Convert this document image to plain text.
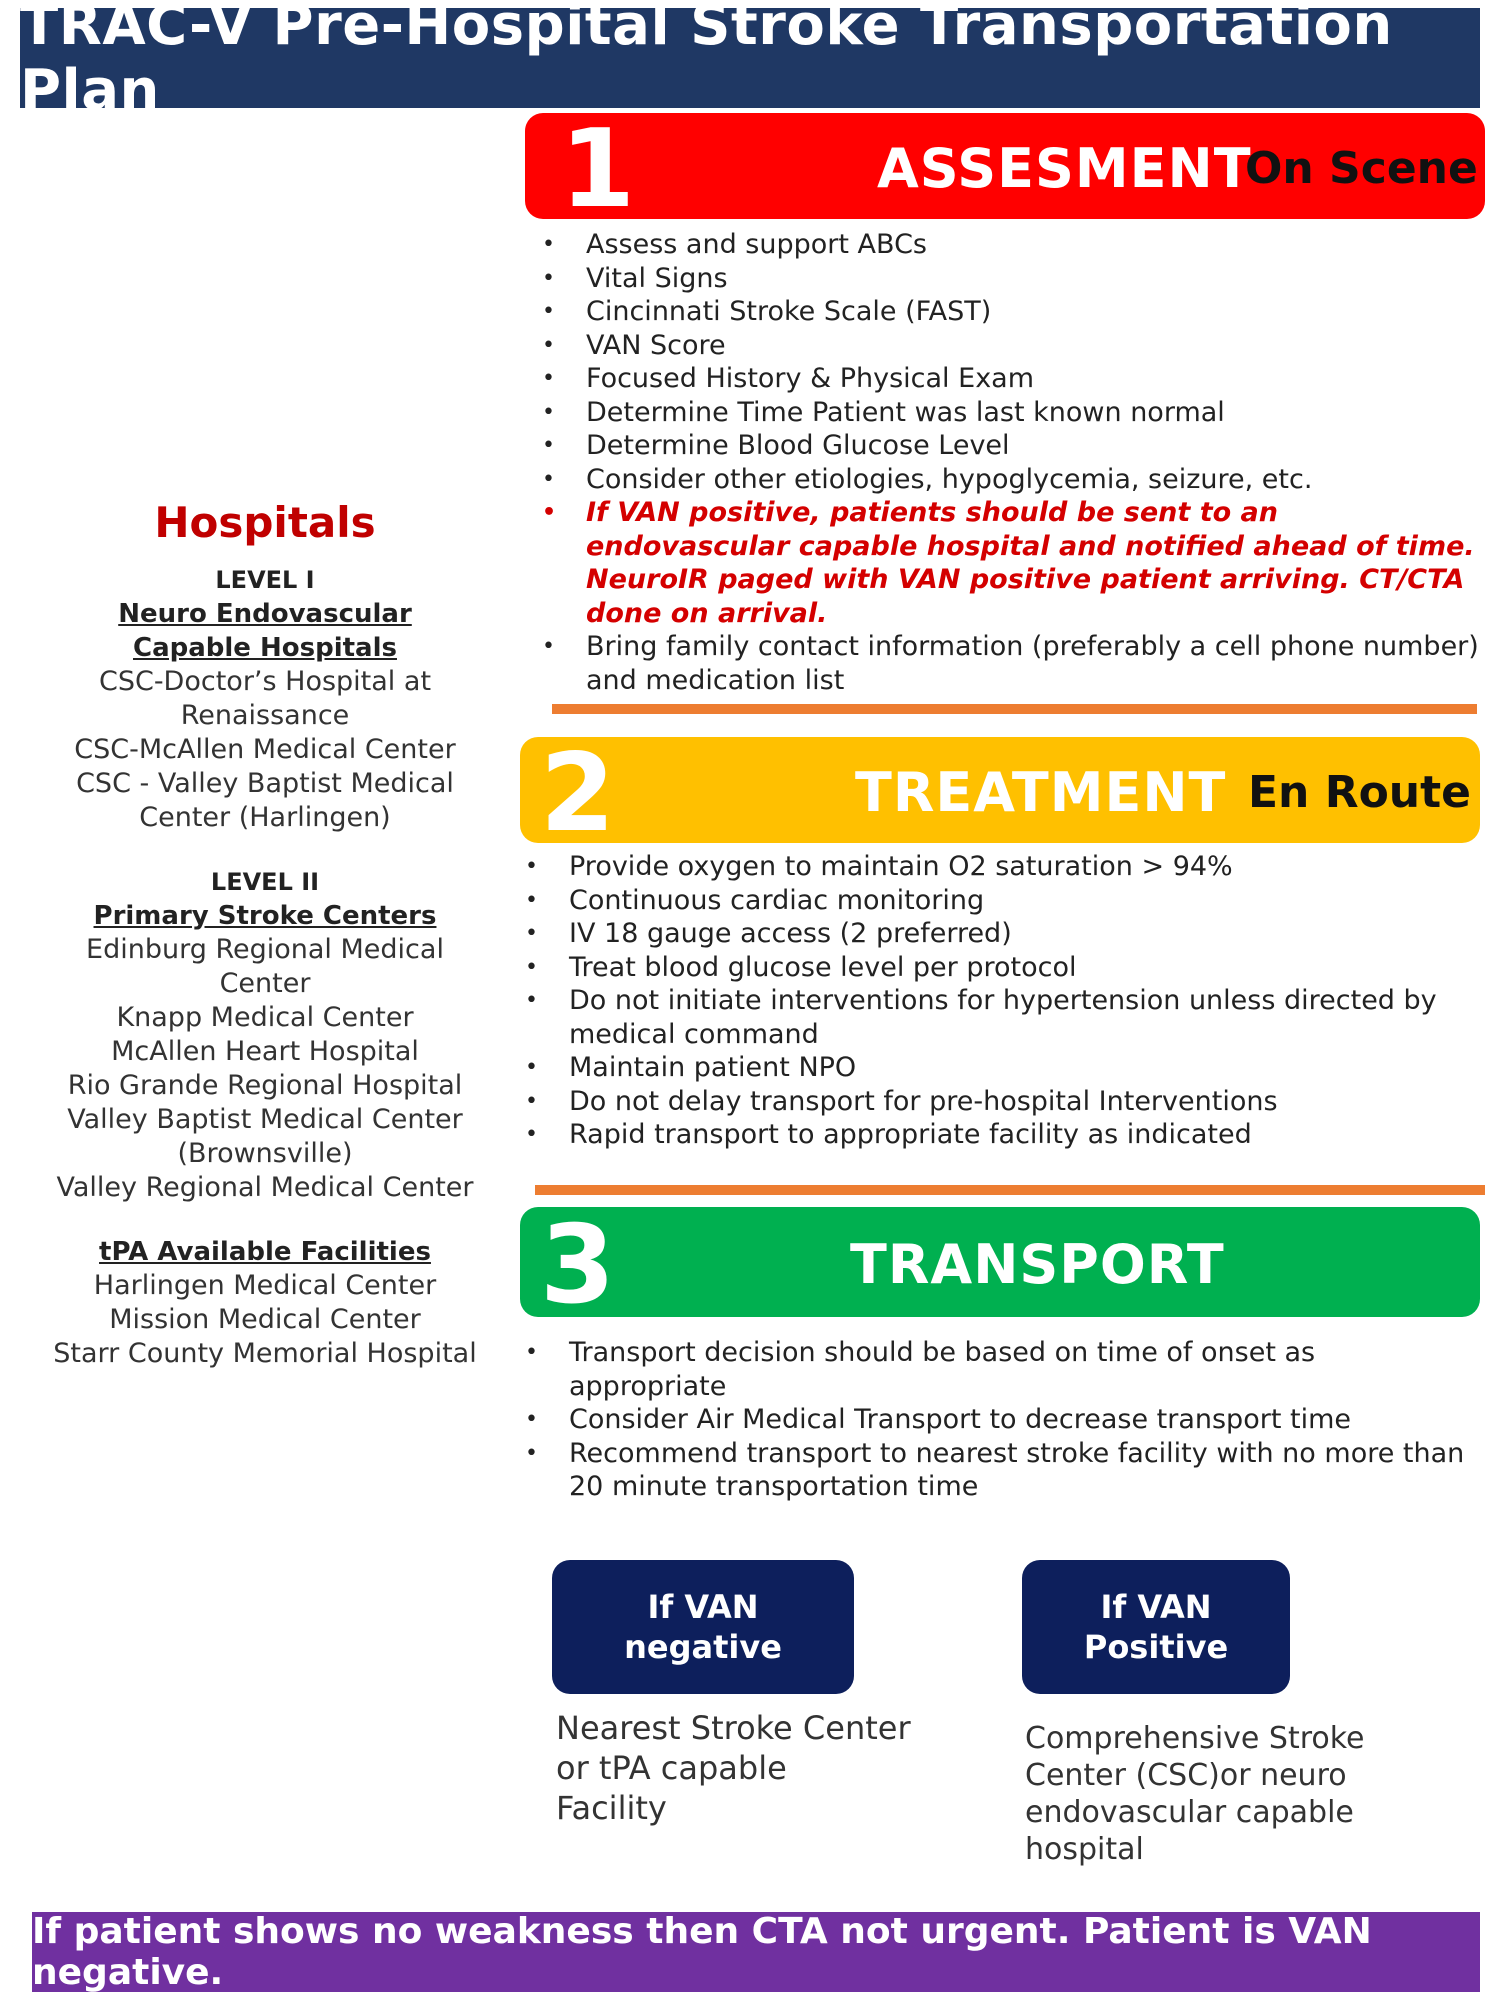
TRAC-V Pre-Hospital Stroke Transportation Plan
Hospitals
LEVEL I
Neuro Endovascular
Capable Hospitals
CSC-Doctor’s Hospital at
Renaissance
CSC-McAllen Medical Center
CSC - Valley Baptist Medical
Center (Harlingen)
LEVEL II
Primary Stroke Centers
Edinburg Regional Medical
Center
Knapp Medical Center
McAllen Heart Hospital
Rio Grande Regional Hospital
Valley Baptist Medical Center
(Brownsville)
Valley Regional Medical Center
tPA Available Facilities
Harlingen Medical Center
Mission Medical Center
Starr County Memorial Hospital
1	ASSESMENT
On Scene
• Assess and support ABCs
• Vital Signs
• Cincinnati Stroke Scale (FAST)
• VAN Score
• Focused History & Physical Exam
• Determine Time Patient was last known normal
• Determine Blood Glucose Level
• Consider other etiologies, hypoglycemia, seizure, etc.
• If VAN positive, patients should be sent to an endovascular capable hospital and notified ahead of time. NeuroIR paged with VAN positive patient arriving. CT/CTA done on arrival.
• Bring family contact information (preferably a cell phone number) and medication list
2	TREATMENT En Route
• Provide oxygen to maintain O2 saturation > 94%
• Continuous cardiac monitoring
• IV 18 gauge access (2 preferred)
• Treat blood glucose level per protocol
• Do not initiate interventions for hypertension unless directed by medical command
• Maintain patient NPO
• Do not delay transport for pre-hospital Interventions
• Rapid transport to appropriate facility as indicated
3	TRANSPORT
• Transport decision should be based on time of onset as appropriate
• Consider Air Medical Transport to decrease transport time
• Recommend transport to nearest stroke facility with no more than 20 minute transportation time
If VAN
negative
Nearest Stroke Center
or tPA capable
Facility
If VAN
Positive
Comprehensive Stroke
Center (CSC)or neuro
endovascular capable
hospital
If patient shows no weakness then CTA not urgent. Patient is VAN negative.
